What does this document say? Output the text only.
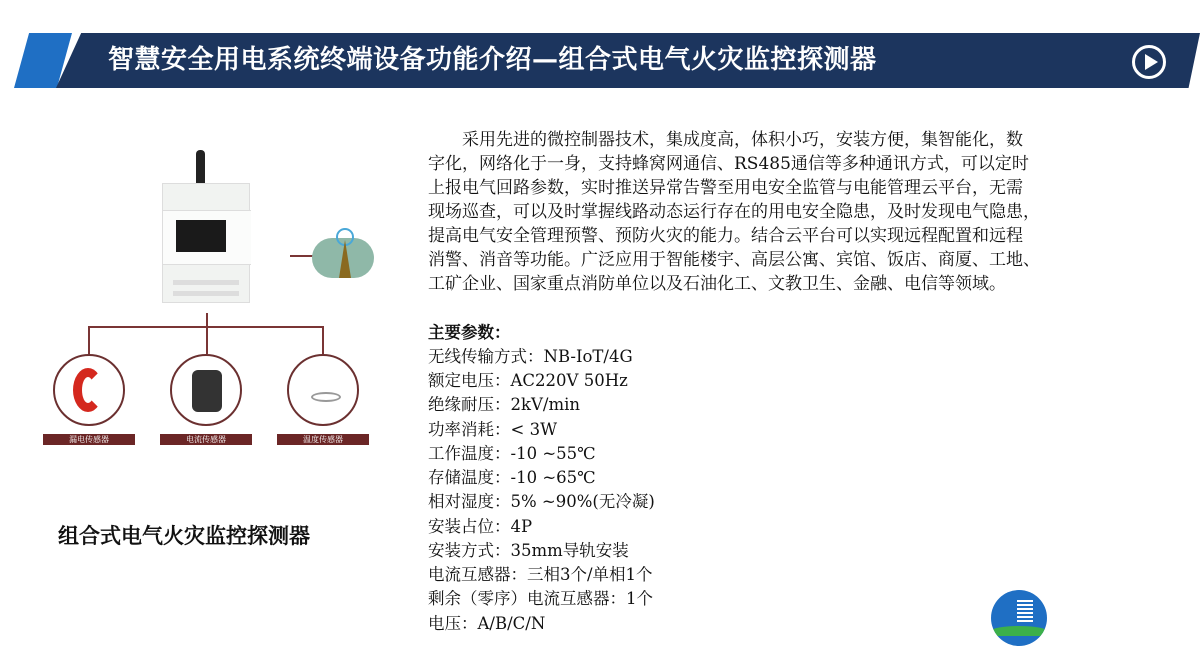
智慧安全用电系统终端设备功能介绍—组合式电气火灾监控探测器
漏电传感器	电流传感器	温度传感器
组合式电气火灾监控探测器
　　采用先进的微控制器技术，集成度高，体积小巧，安装方便，集智能化，数
字化，网络化于一身，支持蜂窝网通信、RS485通信等多种通讯方式，可以定时
上报电气回路参数，实时推送异常告警至用电安全监管与电能管理云平台，无需
现场巡查，可以及时掌握线路动态运行存在的用电安全隐患，及时发现电气隐患，
提高电气安全管理预警、预防火灾的能力。结合云平台可以实现远程配置和远程
消警、消音等功能。广泛应用于智能楼宇、高层公寓、宾馆、饭店、商厦、工地、
工矿企业、国家重点消防单位以及石油化工、文教卫生、金融、电信等领域。
主要参数：
无线传输方式：NB-IoT/4G
额定电压：AC220V 50Hz
绝缘耐压：2kV/min
功率消耗：< 3W
工作温度：-10 ~55℃
存储温度：-10 ~65℃
相对湿度：5% ~90%(无冷凝)
安装占位：4P
安装方式：35mm导轨安装
电流互感器：三相3个/单相1个
剩余（零序）电流互感器：1个
电压：A/B/C/N
